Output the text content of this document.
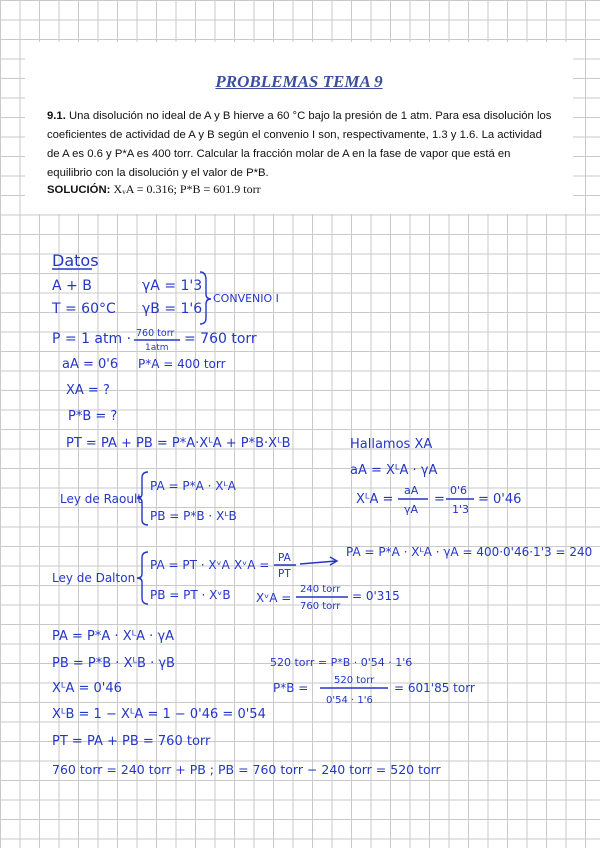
PROBLEMAS TEMA 9
9.1. Una disolución no ideal de A y B hierve a 60 °C bajo la presión de 1 atm. Para esa disolución los coeficientes de actividad de A y B según el convenio I son, respectivamente, 1.3 y 1.6. La actividad de A es 0.6 y P*A es 400 torr. Calcular la fracción molar de A en la fase de vapor que está en equilibrio con la disolución y el valor de P*B.
SOLUCIÓN: XᵥA = 0.316; P*B = 601.9 torr
Datos
A + B	γA = 1'3
T = 60°C γB = 1'6
CONVENIO I
P = 1 atm · 760 torr
1atm
= 760 torr
aA = 0'6 P*A = 400 torr
XA = ?
P*B = ?
PT = PA + PB = P*A·XᴸA + P*B·XᴸB	Hallamos XA
aA = XᴸA · γA
XᴸA =
aA
γA
=
0'6
1'3
= 0'46
Ley de Raoult
PA = P*A · XᴸA
PB = P*B · XᴸB
Ley de Dalton
PA = PT · XᵛA
PB = PT · XᵛB
XᵛA = PA
PT
PA = P*A · XᴸA · γA = 400·0'46·1'3 = 240
XᵛA =
240 torr
760 torr
= 0'315
PA = P*A · XᴸA · γA
PB = P*B · XᴸB · γB
XᴸA = 0'46
XᴸB = 1 − XᴸA = 1 − 0'46 = 0'54
520 torr = P*B · 0'54 · 1'6
P*B =
520 torr
0'54 · 1'6
= 601'85 torr
PT = PA + PB = 760 torr
760 torr = 240 torr + PB ; PB = 760 torr − 240 torr = 520 torr
